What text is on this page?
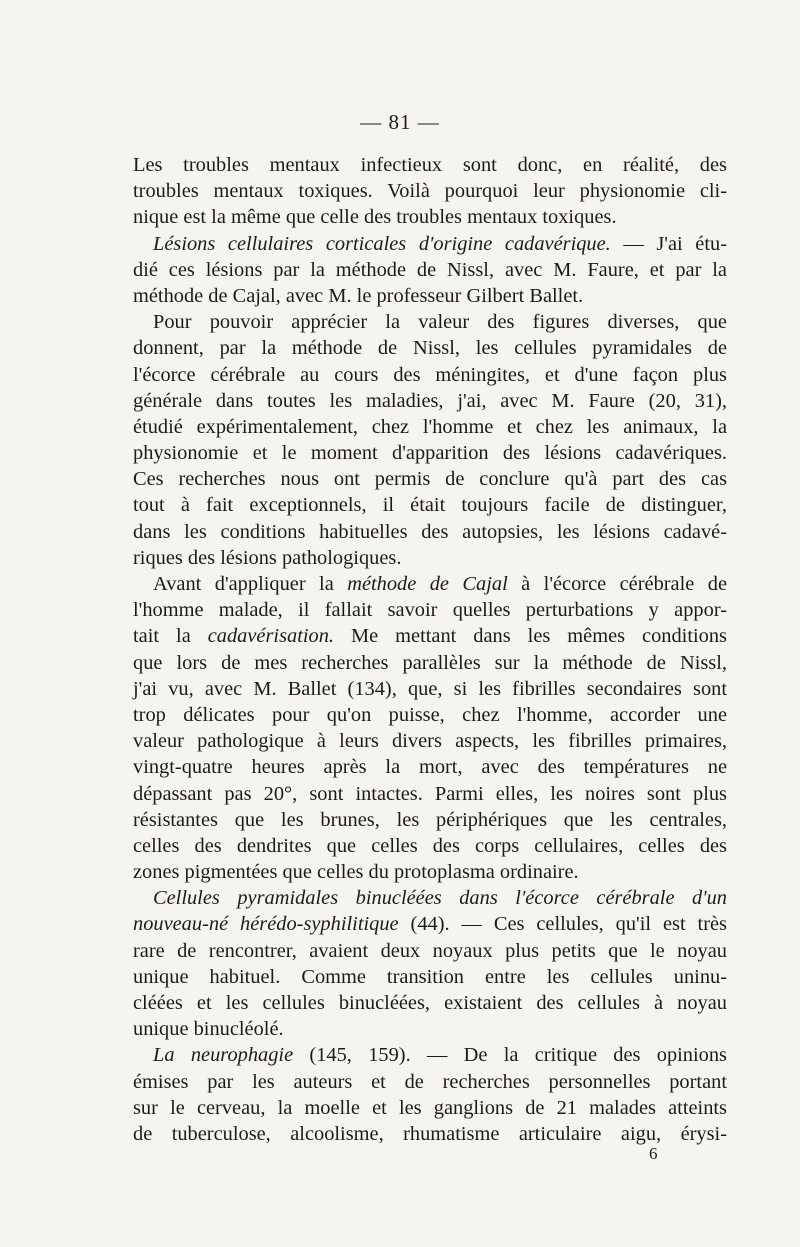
— 81 —
Les troubles mentaux infectieux sont donc, en réalité, des
troubles mentaux toxiques. Voilà pourquoi leur physionomie cli-
nique est la même que celle des troubles mentaux toxiques.
Lésions cellulaires corticales d'origine cadavérique. — J'ai étu-
dié ces lésions par la méthode de Nissl, avec M. Faure, et par la
méthode de Cajal, avec M. le professeur Gilbert Ballet.
Pour pouvoir apprécier la valeur des figures diverses, que
donnent, par la méthode de Nissl, les cellules pyramidales de
l'écorce cérébrale au cours des méningites, et d'une façon plus
générale dans toutes les maladies, j'ai, avec M. Faure (20, 31),
étudié expérimentalement, chez l'homme et chez les animaux, la
physionomie et le moment d'apparition des lésions cadavériques.
Ces recherches nous ont permis de conclure qu'à part des cas
tout à fait exceptionnels, il était toujours facile de distinguer,
dans les conditions habituelles des autopsies, les lésions cadavé-
riques des lésions pathologiques.
Avant d'appliquer la méthode de Cajal à l'écorce cérébrale de
l'homme malade, il fallait savoir quelles perturbations y appor-
tait la cadavérisation. Me mettant dans les mêmes conditions
que lors de mes recherches parallèles sur la méthode de Nissl,
j'ai vu, avec M. Ballet (134), que, si les fibrilles secondaires sont
trop délicates pour qu'on puisse, chez l'homme, accorder une
valeur pathologique à leurs divers aspects, les fibrilles primaires,
vingt-quatre heures après la mort, avec des températures ne
dépassant pas 20°, sont intactes. Parmi elles, les noires sont plus
résistantes que les brunes, les périphériques que les centrales,
celles des dendrites que celles des corps cellulaires, celles des
zones pigmentées que celles du protoplasma ordinaire.
Cellules pyramidales binucléées dans l'écorce cérébrale d'un
nouveau-né hérédo-syphilitique (44). — Ces cellules, qu'il est très
rare de rencontrer, avaient deux noyaux plus petits que le noyau
unique habituel. Comme transition entre les cellules uninu-
cléées et les cellules binucléées, existaient des cellules à noyau
unique binucléolé.
La neurophagie (145, 159). — De la critique des opinions
émises par les auteurs et de recherches personnelles portant
sur le cerveau, la moelle et les ganglions de 21 malades atteints
de tuberculose, alcoolisme, rhumatisme articulaire aigu, érysi-
6
